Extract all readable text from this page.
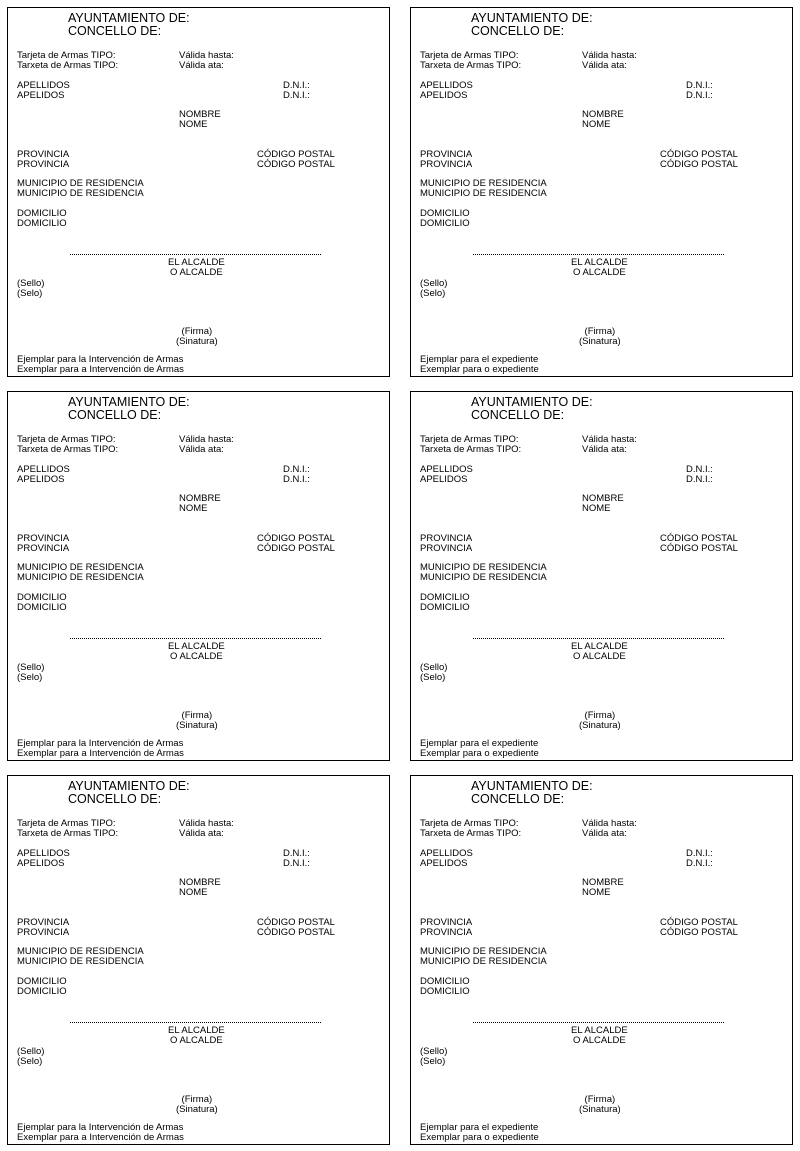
AYUNTAMIENTO DE:
CONCELLO DE:
Tarjeta de Armas TIPO:
Tarxeta de Armas TIPO:
Válida hasta:
Válida ata:
APELLIDOS
APELIDOS
D.N.I.:
D.N.I.:
NOMBRE
NOME
PROVINCIA
PROVINCIA
CÓDIGO POSTAL
CÓDIGO POSTAL
MUNICIPIO DE RESIDENCIA
MUNICIPIO DE RESIDENCIA
DOMICILIO
DOMICILIO
EL ALCALDE
O ALCALDE
(Sello)
(Selo)
(Firma)
(Sinatura)
Ejemplar para la Intervención de Armas
Exemplar para a Intervención de Armas
AYUNTAMIENTO DE:
CONCELLO DE:
Tarjeta de Armas TIPO:
Tarxeta de Armas TIPO:
Válida hasta:
Válida ata:
APELLIDOS
APELIDOS
D.N.I.:
D.N.I.:
NOMBRE
NOME
PROVINCIA
PROVINCIA
CÓDIGO POSTAL
CÓDIGO POSTAL
MUNICIPIO DE RESIDENCIA
MUNICIPIO DE RESIDENCIA
DOMICILIO
DOMICILIO
EL ALCALDE
O ALCALDE
(Sello)
(Selo)
(Firma)
(Sinatura)
Ejemplar para el expediente
Exemplar para o expediente
AYUNTAMIENTO DE:
CONCELLO DE:
Tarjeta de Armas TIPO:
Tarxeta de Armas TIPO:
Válida hasta:
Válida ata:
APELLIDOS
APELIDOS
D.N.I.:
D.N.I.:
NOMBRE
NOME
PROVINCIA
PROVINCIA
CÓDIGO POSTAL
CÓDIGO POSTAL
MUNICIPIO DE RESIDENCIA
MUNICIPIO DE RESIDENCIA
DOMICILIO
DOMICILIO
EL ALCALDE
O ALCALDE
(Sello)
(Selo)
(Firma)
(Sinatura)
Ejemplar para la Intervención de Armas
Exemplar para a Intervención de Armas
AYUNTAMIENTO DE:
CONCELLO DE:
Tarjeta de Armas TIPO:
Tarxeta de Armas TIPO:
Válida hasta:
Válida ata:
APELLIDOS
APELIDOS
D.N.I.:
D.N.I.:
NOMBRE
NOME
PROVINCIA
PROVINCIA
CÓDIGO POSTAL
CÓDIGO POSTAL
MUNICIPIO DE RESIDENCIA
MUNICIPIO DE RESIDENCIA
DOMICILIO
DOMICILIO
EL ALCALDE
O ALCALDE
(Sello)
(Selo)
(Firma)
(Sinatura)
Ejemplar para el expediente
Exemplar para o expediente
AYUNTAMIENTO DE:
CONCELLO DE:
Tarjeta de Armas TIPO:
Tarxeta de Armas TIPO:
Válida hasta:
Válida ata:
APELLIDOS
APELIDOS
D.N.I.:
D.N.I.:
NOMBRE
NOME
PROVINCIA
PROVINCIA
CÓDIGO POSTAL
CÓDIGO POSTAL
MUNICIPIO DE RESIDENCIA
MUNICIPIO DE RESIDENCIA
DOMICILIO
DOMICILIO
EL ALCALDE
O ALCALDE
(Sello)
(Selo)
(Firma)
(Sinatura)
Ejemplar para la Intervención de Armas
Exemplar para a Intervención de Armas
AYUNTAMIENTO DE:
CONCELLO DE:
Tarjeta de Armas TIPO:
Tarxeta de Armas TIPO:
Válida hasta:
Válida ata:
APELLIDOS
APELIDOS
D.N.I.:
D.N.I.:
NOMBRE
NOME
PROVINCIA
PROVINCIA
CÓDIGO POSTAL
CÓDIGO POSTAL
MUNICIPIO DE RESIDENCIA
MUNICIPIO DE RESIDENCIA
DOMICILIO
DOMICILIO
EL ALCALDE
O ALCALDE
(Sello)
(Selo)
(Firma)
(Sinatura)
Ejemplar para el expediente
Exemplar para o expediente
